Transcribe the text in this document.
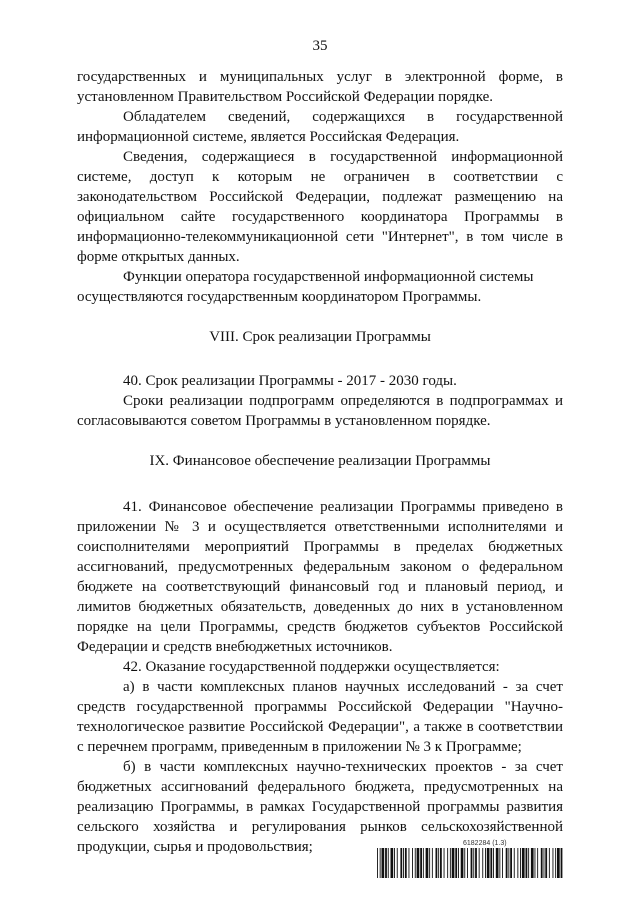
35

государственных и муниципальных услуг в электронной форме, в установленном Правительством Российской Федерации порядке.

Обладателем сведений, содержащихся в государственной информационной системе, является Российская Федерация.

Сведения, содержащиеся в государственной информационной системе, доступ к которым не ограничен в соответствии с законодательством Российской Федерации, подлежат размещению на официальном сайте государственного координатора Программы в информационно-телекоммуникационной сети "Интернет", в том числе в форме открытых данных.

Функции оператора государственной информационной системы осуществляются государственным координатором Программы.

VIII. Срок реализации Программы

40. Срок реализации Программы - 2017 - 2030 годы.

Сроки реализации подпрограмм определяются в подпрограммах и согласовываются советом Программы в установленном порядке.

IX. Финансовое обеспечение реализации Программы

41. Финансовое обеспечение реализации Программы приведено в приложении № 3 и осуществляется ответственными исполнителями и соисполнителями мероприятий Программы в пределах бюджетных ассигнований, предусмотренных федеральным законом о федеральном бюджете на соответствующий финансовый год и плановый период, и лимитов бюджетных обязательств, доведенных до них в установленном порядке на цели Программы, средств бюджетов субъектов Российской Федерации и средств внебюджетных источников.

42. Оказание государственной поддержки осуществляется:

а) в части комплексных планов научных исследований - за счет средств государственной программы Российской Федерации "Научно-технологическое развитие Российской Федерации", а также в соответствии с перечнем программ, приведенным в приложении № 3 к Программе;

б) в части комплексных научно-технических проектов - за счет бюджетных ассигнований федерального бюджета, предусмотренных на реализацию Программы, в рамках Государственной программы развития сельского хозяйства и регулирования рынков сельскохозяйственной продукции, сырья и продовольствия;	6182284 (1.3)
